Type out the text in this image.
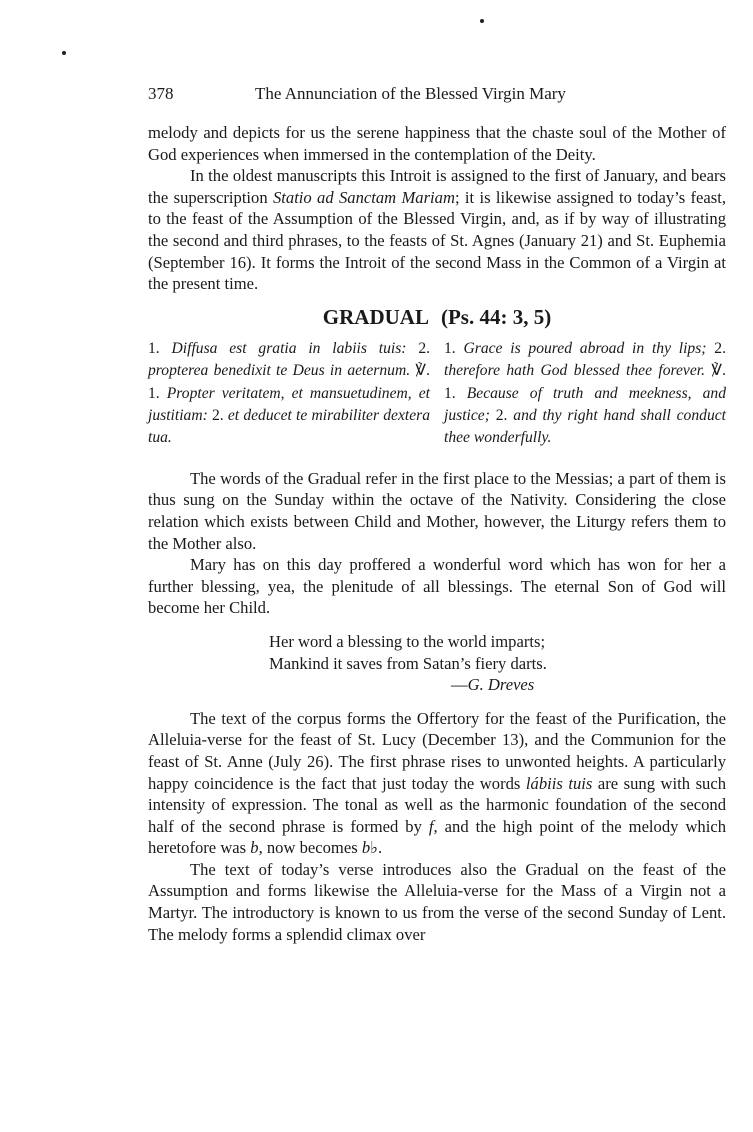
378	The Annunciation of the Blessed Virgin Mary

melody and depicts for us the serene happiness that the chaste soul of the Mother of God experiences when immersed in the contemplation of the Deity.

In the oldest manuscripts this Introit is assigned to the first of January, and bears the superscription Statio ad Sanctam Mariam; it is likewise assigned to today’s feast, to the feast of the Assumption of the Blessed Virgin, and, as if by way of illustrating the second and third phrases, to the feasts of St. Agnes (January 21) and St. Euphemia (September 16). It forms the Introit of the second Mass in the Common of a Virgin at the present time.

GRADUAL (Ps. 44: 3, 5)
1. Diffusa est gratia in labiis tuis: 2. propterea benedixit te Deus in aeternum. ℣. 1. Propter veritatem, et mansuetudinem, et justitiam: 2. et deducet te mirabiliter dextera tua.
1. Grace is poured abroad in thy lips; 2. therefore hath God blessed thee forever. ℣. 1. Because of truth and meekness, and justice; 2. and thy right hand shall conduct thee wonderfully.

The words of the Gradual refer in the first place to the Messias; a part of them is thus sung on the Sunday within the octave of the Nativity. Considering the close relation which exists between Child and Mother, however, the Liturgy refers them to the Mother also.

Mary has on this day proffered a wonderful word which has won for her a further blessing, yea, the plenitude of all blessings. The eternal Son of God will become her Child.

Her word a blessing to the world imparts;
Mankind it saves from Satan’s fiery darts.
—G. Dreves

The text of the corpus forms the Offertory for the feast of the Purification, the Alleluia-verse for the feast of St. Lucy (December 13), and the Communion for the feast of St. Anne (July 26). The first phrase rises to unwonted heights. A particularly happy coincidence is the fact that just today the words lábiis tuis are sung with such intensity of expression. The tonal as well as the harmonic foundation of the second half of the second phrase is formed by f, and the high point of the melody which heretofore was b, now becomes b♭.

The text of today’s verse introduces also the Gradual on the feast of the Assumption and forms likewise the Alleluia-verse for the Mass of a Virgin not a Martyr. The introductory is known to us from the verse of the second Sunday of Lent. The melody forms a splendid climax over
